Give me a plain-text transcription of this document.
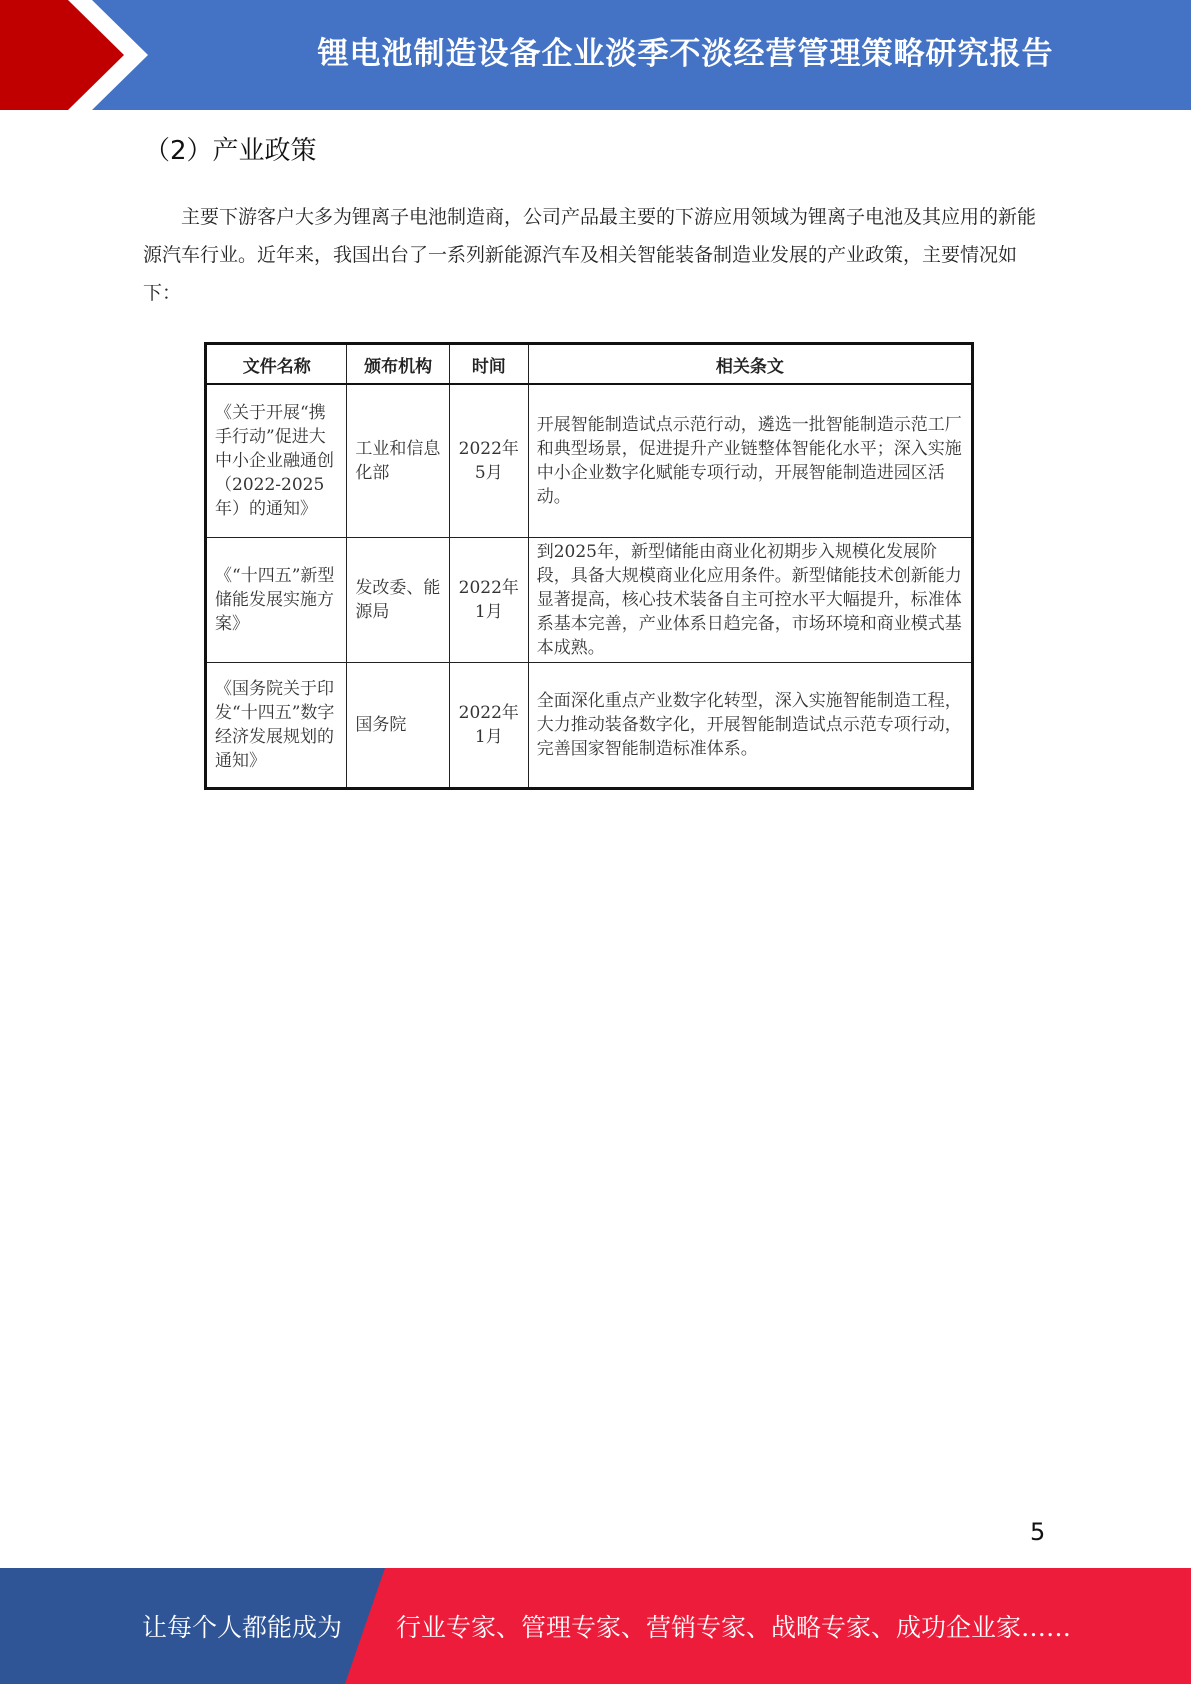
锂电池制造设备企业淡季不淡经营管理策略研究报告
（2）产业政策

主要下游客户大多为锂离子电池制造商，公司产品最主要的下游应用领域为锂离子电池及其应用的新能源汽车行业。近年来，我国出台了一系列新能源汽车及相关智能装备制造业发展的产业政策，主要情况如下：

文件名称	颁布机构	时间	相关条文
《关于开展“携手行动”促进大中小企业融通创（2022-2025年）的通知》	工业和信息化部	2022年5月	开展智能制造试点示范行动，遴选一批智能制造示范工厂和典型场景，促进提升产业链整体智能化水平；深入实施中小企业数字化赋能专项行动，开展智能制造进园区活动。
《“十四五”新型储能发展实施方案》	发改委、能源局	2022年1月	到2025年，新型储能由商业化初期步入规模化发展阶段，具备大规模商业化应用条件。新型储能技术创新能力显著提高，核心技术装备自主可控水平大幅提升，标准体系基本完善，产业体系日趋完备，市场环境和商业模式基本成熟。
《国务院关于印发“十四五”数字经济发展规划的通知》	国务院	2022年1月	全面深化重点产业数字化转型，深入实施智能制造工程，大力推动装备数字化，开展智能制造试点示范专项行动，完善国家智能制造标准体系。
5
让每个人都能成为 行业专家、管理专家、营销专家、战略专家、成功企业家……
